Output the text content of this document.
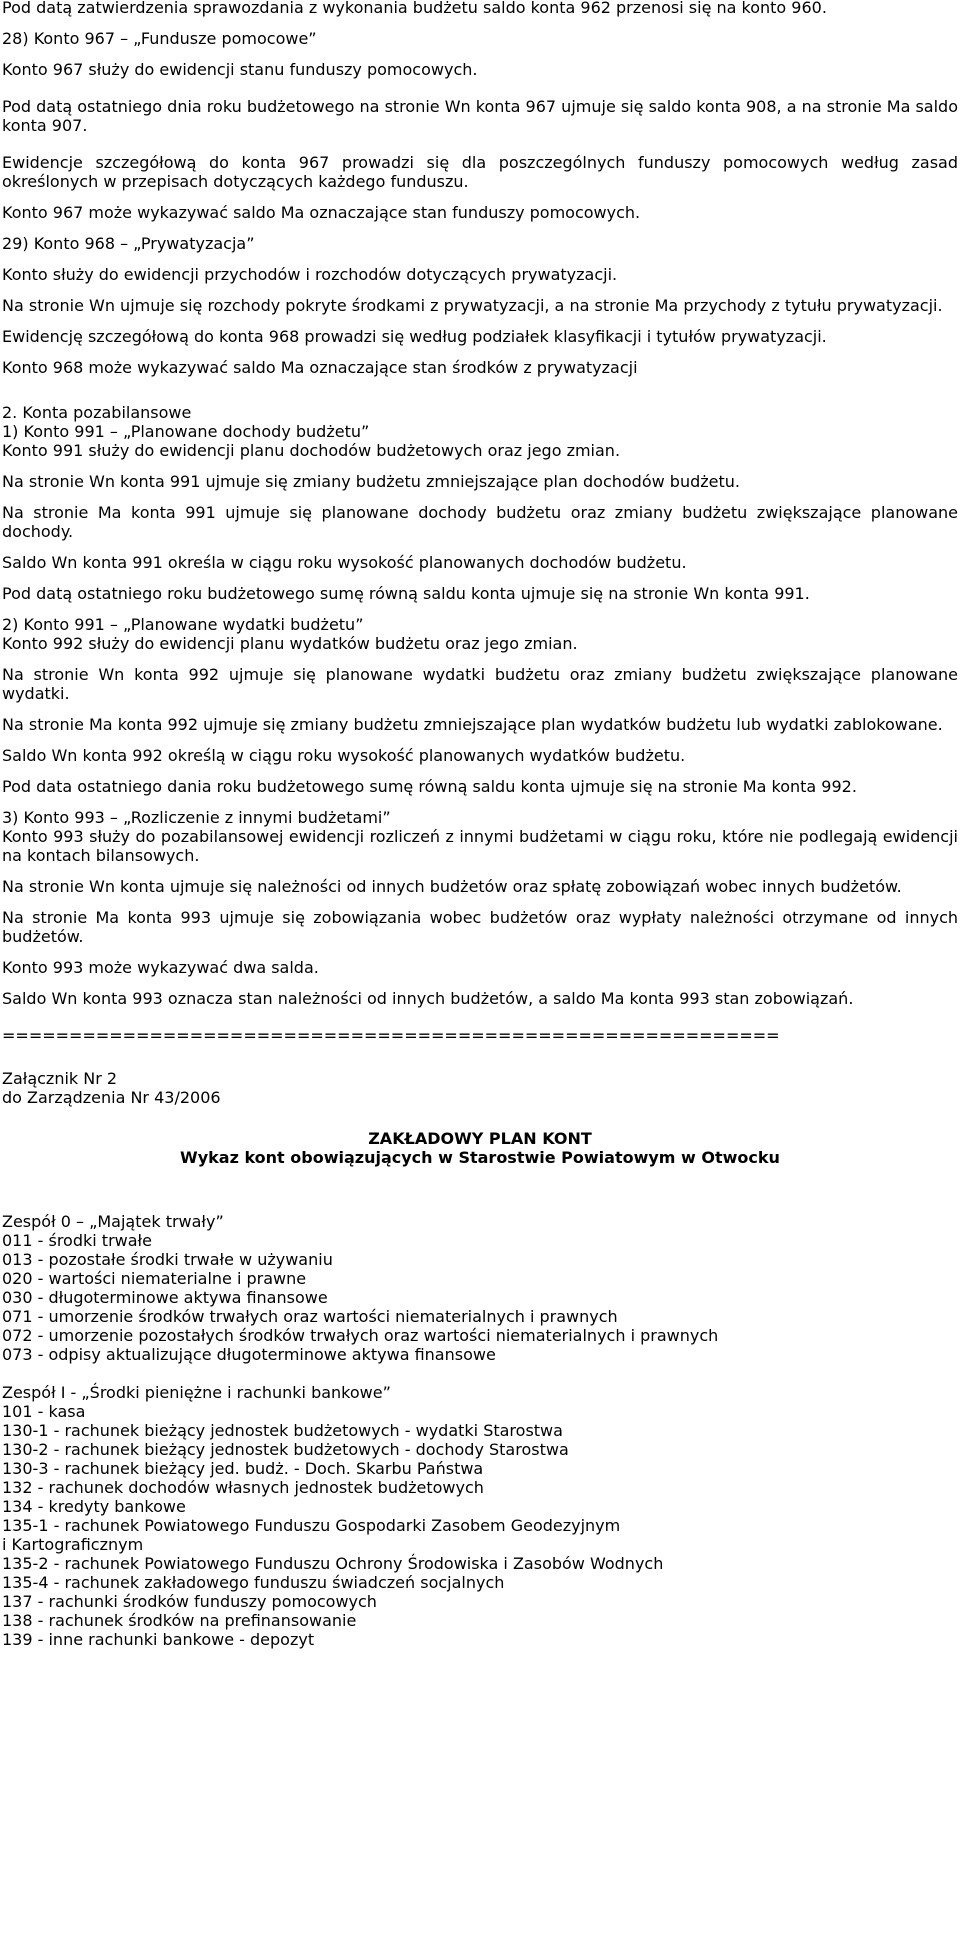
Pod datą zatwierdzenia sprawozdania z wykonania budżetu saldo konta 962 przenosi się na konto 960.

28) Konto 967 – „Fundusze pomocowe”

Konto 967 służy do ewidencji stanu funduszy pomocowych.

Pod datą ostatniego dnia roku budżetowego na stronie Wn konta 967 ujmuje się saldo konta 908, a na stronie Ma saldo konta 907.

Ewidencje szczegółową do konta 967 prowadzi się dla poszczególnych funduszy pomocowych według zasad określonych w przepisach dotyczących każdego funduszu.

Konto 967 może wykazywać saldo Ma oznaczające stan funduszy pomocowych.

29) Konto 968 – „Prywatyzacja”

Konto służy do ewidencji przychodów i rozchodów dotyczących prywatyzacji.

Na stronie Wn ujmuje się rozchody pokryte środkami z prywatyzacji, a na stronie Ma przychody z tytułu prywatyzacji.

Ewidencję szczegółową do konta 968 prowadzi się według podziałek klasyfikacji i tytułów prywatyzacji.

Konto 968 może wykazywać saldo Ma oznaczające stan środków z prywatyzacji

2. Konta pozabilansowe

1) Konto 991 – „Planowane dochody budżetu”

Konto 991 służy do ewidencji planu dochodów budżetowych oraz jego zmian.

Na stronie Wn konta 991 ujmuje się zmiany budżetu zmniejszające plan dochodów budżetu.

Na stronie Ma konta 991 ujmuje się planowane dochody budżetu oraz zmiany budżetu zwiększające planowane dochody.

Saldo Wn konta 991 określa w ciągu roku wysokość planowanych dochodów budżetu.

Pod datą ostatniego roku budżetowego sumę równą saldu konta ujmuje się na stronie Wn konta 991.

2) Konto 991 – „Planowane wydatki budżetu”

Konto 992 służy do ewidencji planu wydatków budżetu oraz jego zmian.

Na stronie Wn konta 992 ujmuje się planowane wydatki budżetu oraz zmiany budżetu zwiększające planowane wydatki.

Na stronie Ma konta 992 ujmuje się zmiany budżetu zmniejszające plan wydatków budżetu lub wydatki zablokowane.

Saldo Wn konta 992 określą w ciągu roku wysokość planowanych wydatków budżetu.

Pod data ostatniego dania roku budżetowego sumę równą saldu konta ujmuje się na stronie Ma konta 992.

3) Konto 993 – „Rozliczenie z innymi budżetami”

Konto 993 służy do pozabilansowej ewidencji rozliczeń z innymi budżetami w ciągu roku, które nie podlegają ewidencji na kontach bilansowych.

Na stronie Wn konta ujmuje się należności od innych budżetów oraz spłatę zobowiązań wobec innych budżetów.

Na stronie Ma konta 993 ujmuje się zobowiązania wobec budżetów oraz wypłaty należności otrzymane od innych budżetów.

Konto 993 może wykazywać dwa salda.

Saldo Wn konta 993 oznacza stan należności od innych budżetów, a saldo Ma konta 993 stan zobowiązań.

==========================================================

Załącznik Nr 2

do Zarządzenia Nr 43/2006

ZAKŁADOWY PLAN KONT

Wykaz kont obowiązujących w Starostwie Powiatowym w Otwocku

Zespół 0 – „Majątek trwały”

011 - środki trwałe

013 - pozostałe środki trwałe w używaniu

020 - wartości niematerialne i prawne

030 - długoterminowe aktywa finansowe

071 - umorzenie środków trwałych oraz wartości niematerialnych i prawnych

072 - umorzenie pozostałych środków trwałych oraz wartości niematerialnych i prawnych

073 - odpisy aktualizujące długoterminowe aktywa finansowe

Zespół I - „Środki pieniężne i rachunki bankowe”

101 - kasa

130-1 - rachunek bieżący jednostek budżetowych - wydatki Starostwa

130-2 - rachunek bieżący jednostek budżetowych - dochody Starostwa

130-3 - rachunek bieżący jed. budż. - Doch. Skarbu Państwa

132 - rachunek dochodów własnych jednostek budżetowych

134 - kredyty bankowe

135-1 - rachunek Powiatowego Funduszu Gospodarki Zasobem Geodezyjnym

i Kartograficznym

135-2 - rachunek Powiatowego Funduszu Ochrony Środowiska i Zasobów Wodnych

135-4 - rachunek zakładowego funduszu świadczeń socjalnych

137 - rachunki środków funduszy pomocowych

138 - rachunek środków na prefinansowanie

139 - inne rachunki bankowe - depozyt
